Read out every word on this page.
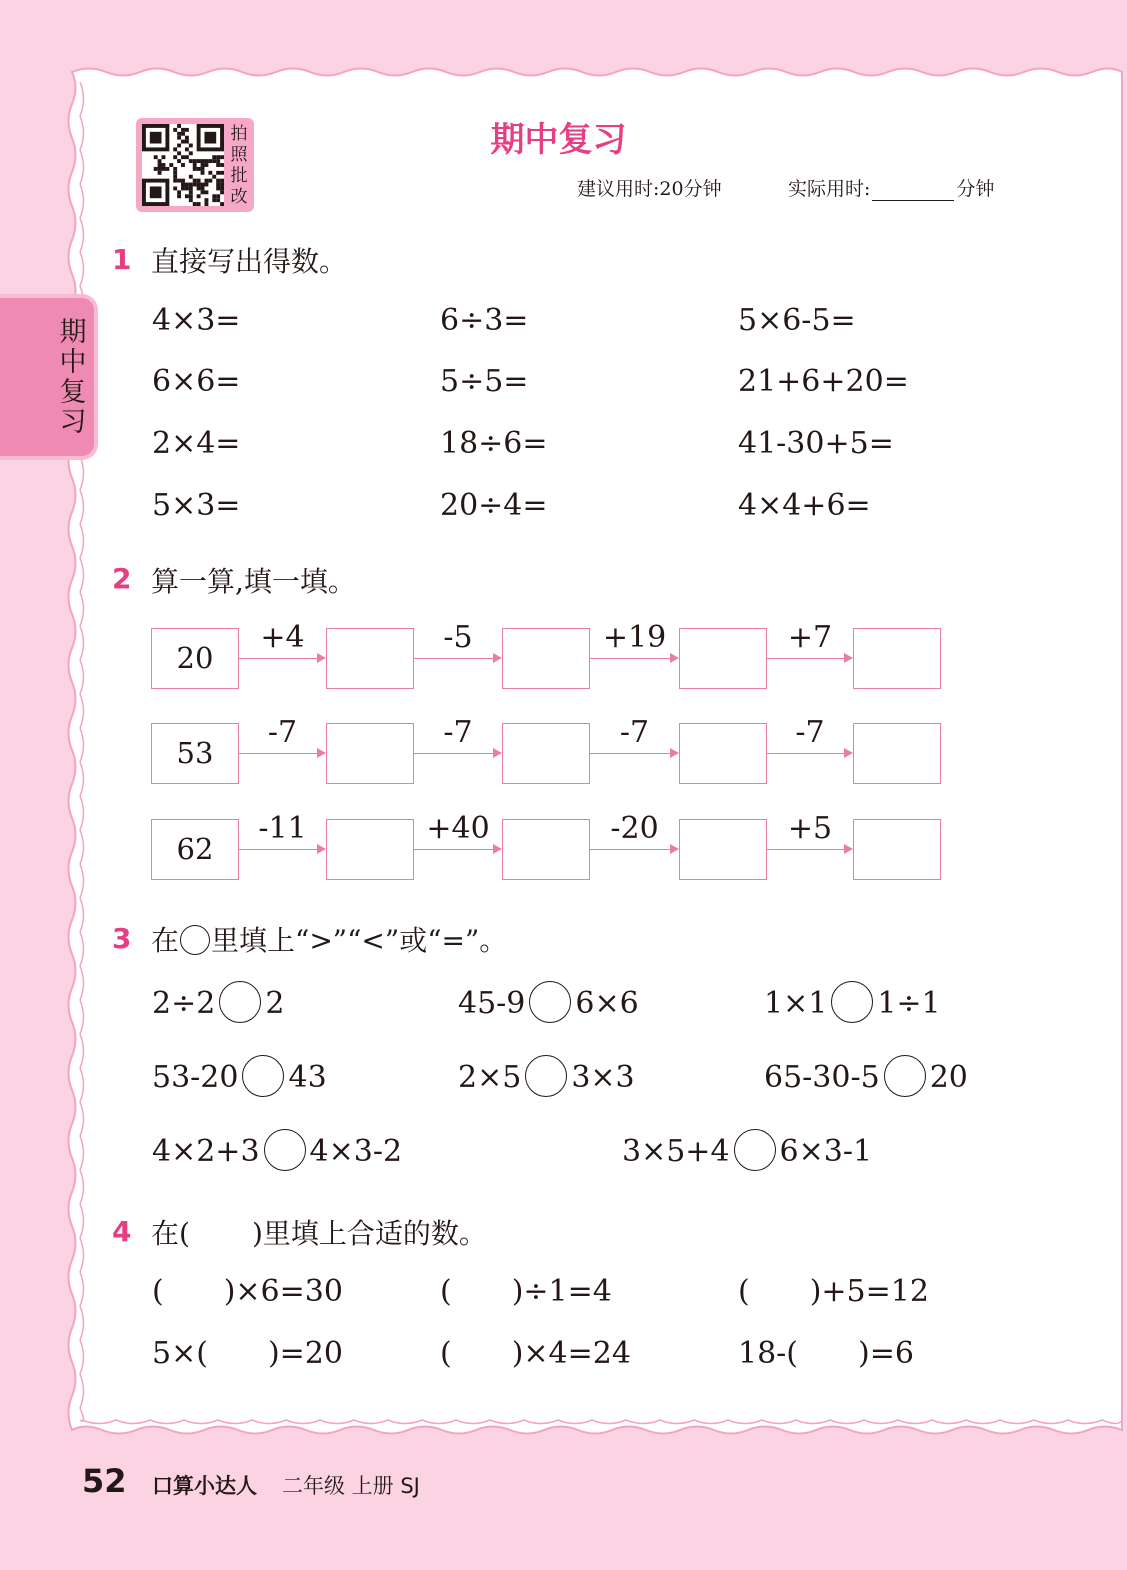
拍照批改
期中复习
建议用时:20分钟	实际用时:	分钟
期中复习
1 直接写出得数。
4×3=	6÷3=	5×6-5=
6×6=	5÷5=	21+6+20=
2×4=	18÷6=	41-30+5=
5×3=	20÷4=	4×4+6=
2 算一算,填一填。
20
+4	-5	+19	+7
53
-7	-7	-7	-7
62
-11	+40	-20	+5
3 在 里填上“>”“<”或“=”。
2÷2 2	45-9 6×6	1×1 1÷1
53-20 43	2×5 3×3	65-30-5 20
4×2+3 4×3-2	3×5+4 6×3-1
4 在( )里填上合适的数。
( )×6=30	( )÷1=4	( )+5=12
5×( )=20	( )×4=24	18-( )=6
52 口算小达人 二年级 上册 SJ
